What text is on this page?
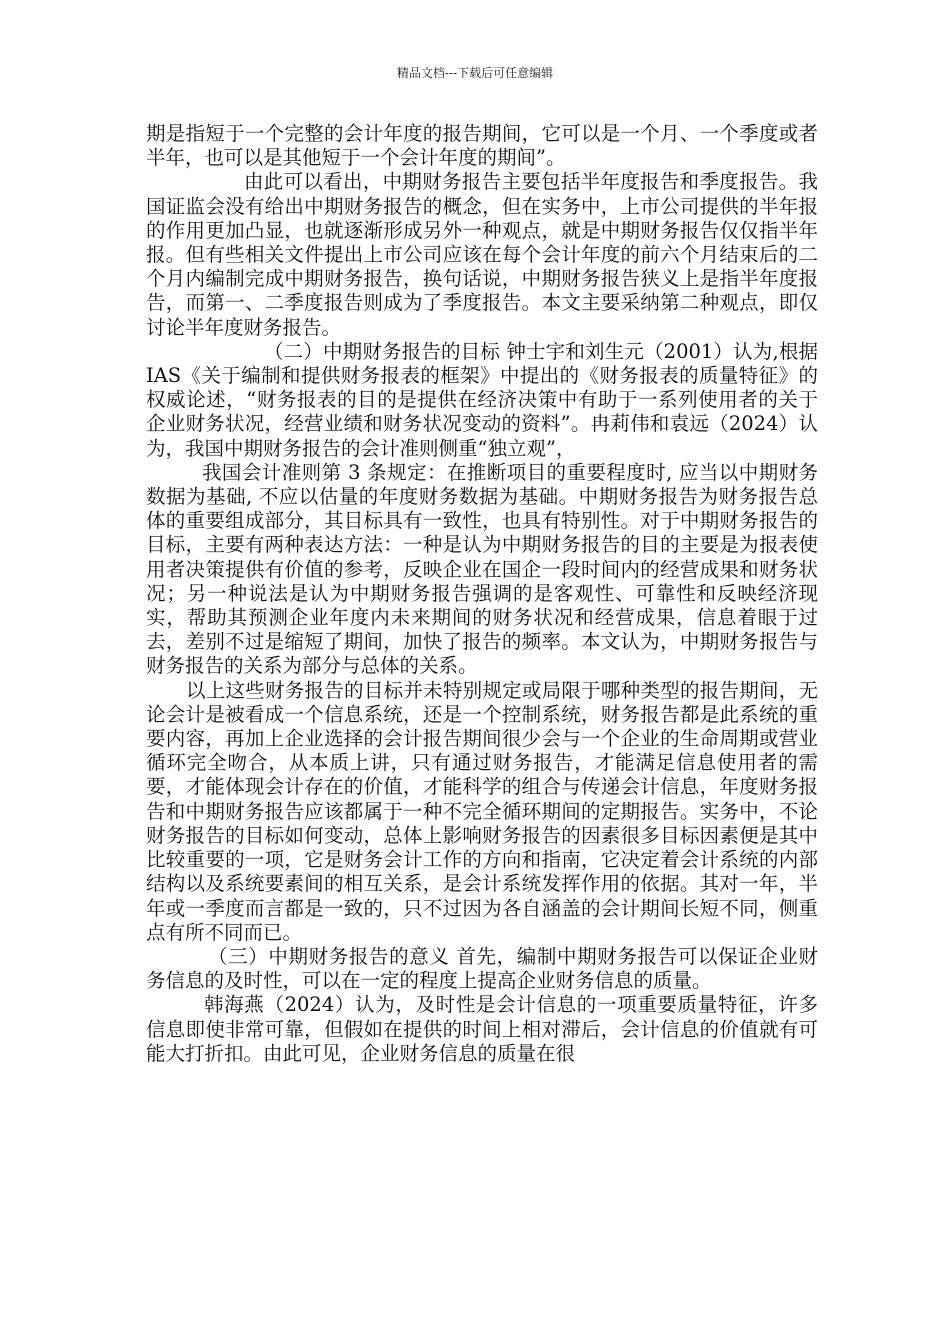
精品文档---下载后可任意编辑

期是指短于一个完整的会计年度的报告期间，它可以是一个月、一个季度或者半年，也可以是其他短于一个会计年度的期间”。

由此可以看出，中期财务报告主要包括半年度报告和季度报告。我国证监会没有给出中期财务报告的概念，但在实务中，上市公司提供的半年报的作用更加凸显，也就逐渐形成另外一种观点，就是中期财务报告仅仅指半年报。但有些相关文件提出上市公司应该在每个会计年度的前六个月结束后的二个月内编制完成中期财务报告，换句话说，中期财务报告狭义上是指半年度报告，而第一、二季度报告则成为了季度报告。本文主要采纳第二种观点，即仅讨论半年度财务报告。

（二）中期财务报告的目标 钟士宇和刘生元（2001）认为,根据 IAS《关于编制和提供财务报表的框架》中提出的《财务报表的质量特征》的权威论述，“财务报表的目的是提供在经济决策中有助于一系列使用者的关于企业财务状况，经营业绩和财务状况变动的资料”。冉莉伟和袁远（2024）认为，我国中期财务报告的会计准则侧重“独立观”，

我国会计准则第 3 条规定：在推断项目的重要程度时, 应当以中期财务数据为基础, 不应以估量的年度财务数据为基础。中期财务报告为财务报告总体的重要组成部分，其目标具有一致性，也具有特别性。对于中期财务报告的目标，主要有两种表达方法：一种是认为中期财务报告的目的主要是为报表使用者决策提供有价值的参考，反映企业在国企一段时间内的经营成果和财务状况；另一种说法是认为中期财务报告强调的是客观性、可靠性和反映经济现实，帮助其预测企业年度内未来期间的财务状况和经营成果，信息着眼于过去，差别不过是缩短了期间，加快了报告的频率。本文认为，中期财务报告与财务报告的关系为部分与总体的关系。

以上这些财务报告的目标并未特别规定或局限于哪种类型的报告期间，无论会计是被看成一个信息系统，还是一个控制系统，财务报告都是此系统的重要内容，再加上企业选择的会计报告期间很少会与一个企业的生命周期或营业循环完全吻合，从本质上讲，只有通过财务报告，才能满足信息使用者的需要，才能体现会计存在的价值，才能科学的组合与传递会计信息，年度财务报告和中期财务报告应该都属于一种不完全循环期间的定期报告。实务中，不论财务报告的目标如何变动，总体上影响财务报告的因素很多目标因素便是其中比较重要的一项，它是财务会计工作的方向和指南，它决定着会计系统的内部结构以及系统要素间的相互关系，是会计系统发挥作用的依据。其对一年，半年或一季度而言都是一致的，只不过因为各自涵盖的会计期间长短不同，侧重点有所不同而已。

（三）中期财务报告的意义 首先，编制中期财务报告可以保证企业财务信息的及时性，可以在一定的程度上提高企业财务信息的质量。

韩海燕（2024）认为，及时性是会计信息的一项重要质量特征，许多信息即使非常可靠，但假如在提供的时间上相对滞后，会计信息的价值就有可能大打折扣。由此可见，企业财务信息的质量在很
